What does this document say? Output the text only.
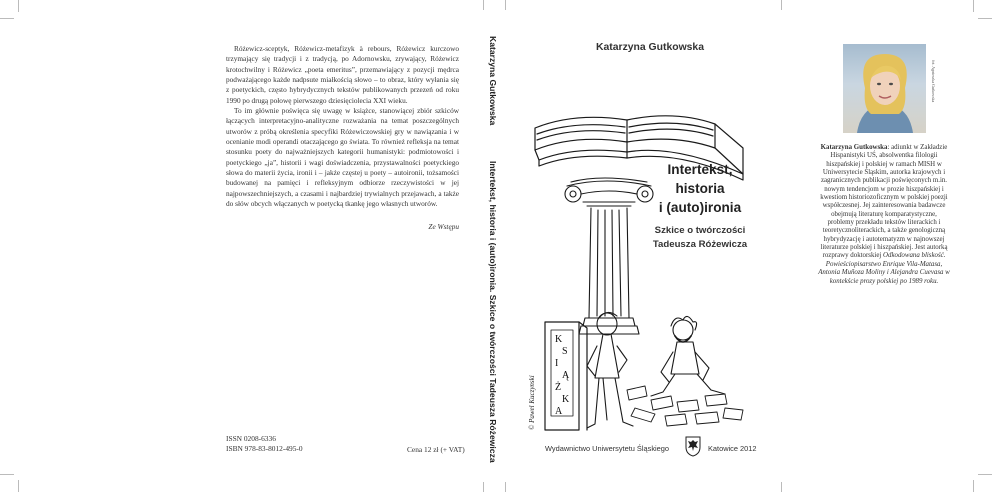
Różewicz-sceptyk, Różewicz-metafizyk à rebours, Różewicz kurczowo trzymający się tradycji i z tradycją, po Adornowsku, zrywający, Różewicz krotochwilny i Różewicz „poeta emeritus”, przemawiający z pozycji mędrca podważającego każde nadpsute miałkością słowo – to obraz, który wyłania się z poetyckich, często hybrydycznych tekstów publikowanych przezeń od roku 1990 po drugą połowę pierwszego dziesięciolecia XXI wieku.

To im głównie poświęca się uwagę w książce, stanowiącej zbiór szkiców łączących interpretacyjno-analityczne rozważania na temat poszczególnych utworów z próbą określenia specyfiki Różewiczowskiej gry w nawiązania i w ocenianie modi operandi otaczającego go świata. To również refleksja na temat stosunku poety do najważniejszych kategorii humanistyki: podmiotowości i poetyckiego „ja”, historii i wagi doświadczenia, przystawalności poetyckiego słowa do materii życia, ironii i – jakże częstej u poety – autoironii, tożsamości budowanej na pamięci i refleksyjnym odbiorze rzeczywistości w jej najpowszechniejszych, a czasami i najbardziej trywialnych przejawach, a także do słów obcych włączanych w poetycką tkankę jego własnych utworów.

Ze Wstępu

ISSN 0208-6336
ISBN 978-83-8012-495-0	Cena 12 zł (+ VAT)
Katarzyna Gutkowska
Intertekst, historia i (auto)ironia. Szkice o twórczości Tadeusza Różewicza
Katarzyna Gutkowska
K
S
I
Ą
Ż
K
A
© Pawel Kuczynski
Intertekst,
historia
i (auto)ironia
Szkice o twórczości
Tadeusza Różewicza
Wydawnictwo Uniwersytetu Śląskiego	Katowice 2012
fot. Agnieszka Gutkowska
Katarzyna Gutkowska: adiunkt w Zakładzie Hispanistyki UŚ, absolwentka filologii hiszpańskiej i polskiej w ramach MISH w Uniwersytecie Śląskim, autorka krajowych i zagranicznych publikacji poświęconych m.in. nowym tendencjom w prozie hiszpańskiej i kwestiom historiozoficznym w polskiej poezji współczesnej. Jej zainteresowania badawcze obejmują literaturę komparatystyczne, problemy przekładu tekstów literackich i teoretycznoliterackich, a także genologiczną hybrydyzację i autotematyzm w najnowszej literaturze polskiej i hiszpańskiej. Jest autorką rozprawy doktorskiej Odkodowana bliskość. Powieściopisarstwo Enrique Vila-Matasa, Antonia Muñoza Moliny i Alejandra Cuevasa w kontekście prozy polskiej po 1989 roku.
